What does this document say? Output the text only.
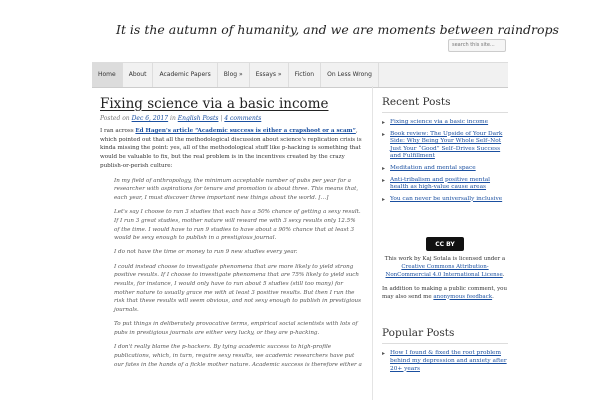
It is the autumn of humanity, and we are moments between raindrops
search this site...
Home	About	Academic Papers	Blog »	Essays »	Fiction	On Less Wrong
Fixing science via a basic income
Posted on Dec 6, 2017 in English Posts | 4 comments
I ran across Ed Hagen's article “Academic success is either a crapshoot or a scam”, which pointed out that all the methodological discussion about science's replication crisis is kinda missing the point: yes, all of the methodological stuff like p-hacking is something that would be valuable to fix, but the real problem is in the incentives created by the crazy publish-or-perish culture:

In my field of anthropology, the minimum acceptable number of pubs per year for a researcher with aspirations for tenure and promotion is about three. This means that, each year, I must discover three important new things about the world. […]

Let's say I choose to run 3 studies that each has a 50% chance of getting a sexy result. If I run 3 great studies, mother nature will reward me with 3 sexy results only 12.5% of the time. I would have to run 9 studies to have about a 90% chance that at least 3 would be sexy enough to publish in a prestigious journal.

I do not have the time or money to run 9 new studies every year.

I could instead choose to investigate phenomena that are more likely to yield strong positive results. If I choose to investigate phenomena that are 75% likely to yield such results, for instance, I would only have to run about 5 studies (still too many) for mother nature to usually grace me with at least 3 positive results. But then I run the risk that these results will seem obvious, and not sexy enough to publish in prestigious journals.

To put things in deliberately provocative terms, empirical social scientists with lots of pubs in prestigious journals are either very lucky, or they are p-hacking.

I don't really blame the p-hackers. By tying academic success to high-profile publications, which, in turn, require sexy results, we academic researchers have put our fates in the hands of a fickle mother nature. Academic success is therefore either a

Recent Posts
▸ Fixing science via a basic income
▸ Book review: The Upside of Your Dark Side: Why Being Your Whole Self–Not Just Your “Good” Self–Drives Success and Fulfillment
▸ Meditation and mental space
▸ Anti-tribalism and positive mental health as high-value cause areas
▸ You can never be universally inclusive
CC BY
This work by Kaj Sotala is licensed under a Creative Commons Attribution-NonCommercial 4.0 International License.
In addition to making a public comment, you may also send me anonymous feedback.
Popular Posts
▸ How I found & fixed the root problem behind my depression and anxiety after 20+ years
